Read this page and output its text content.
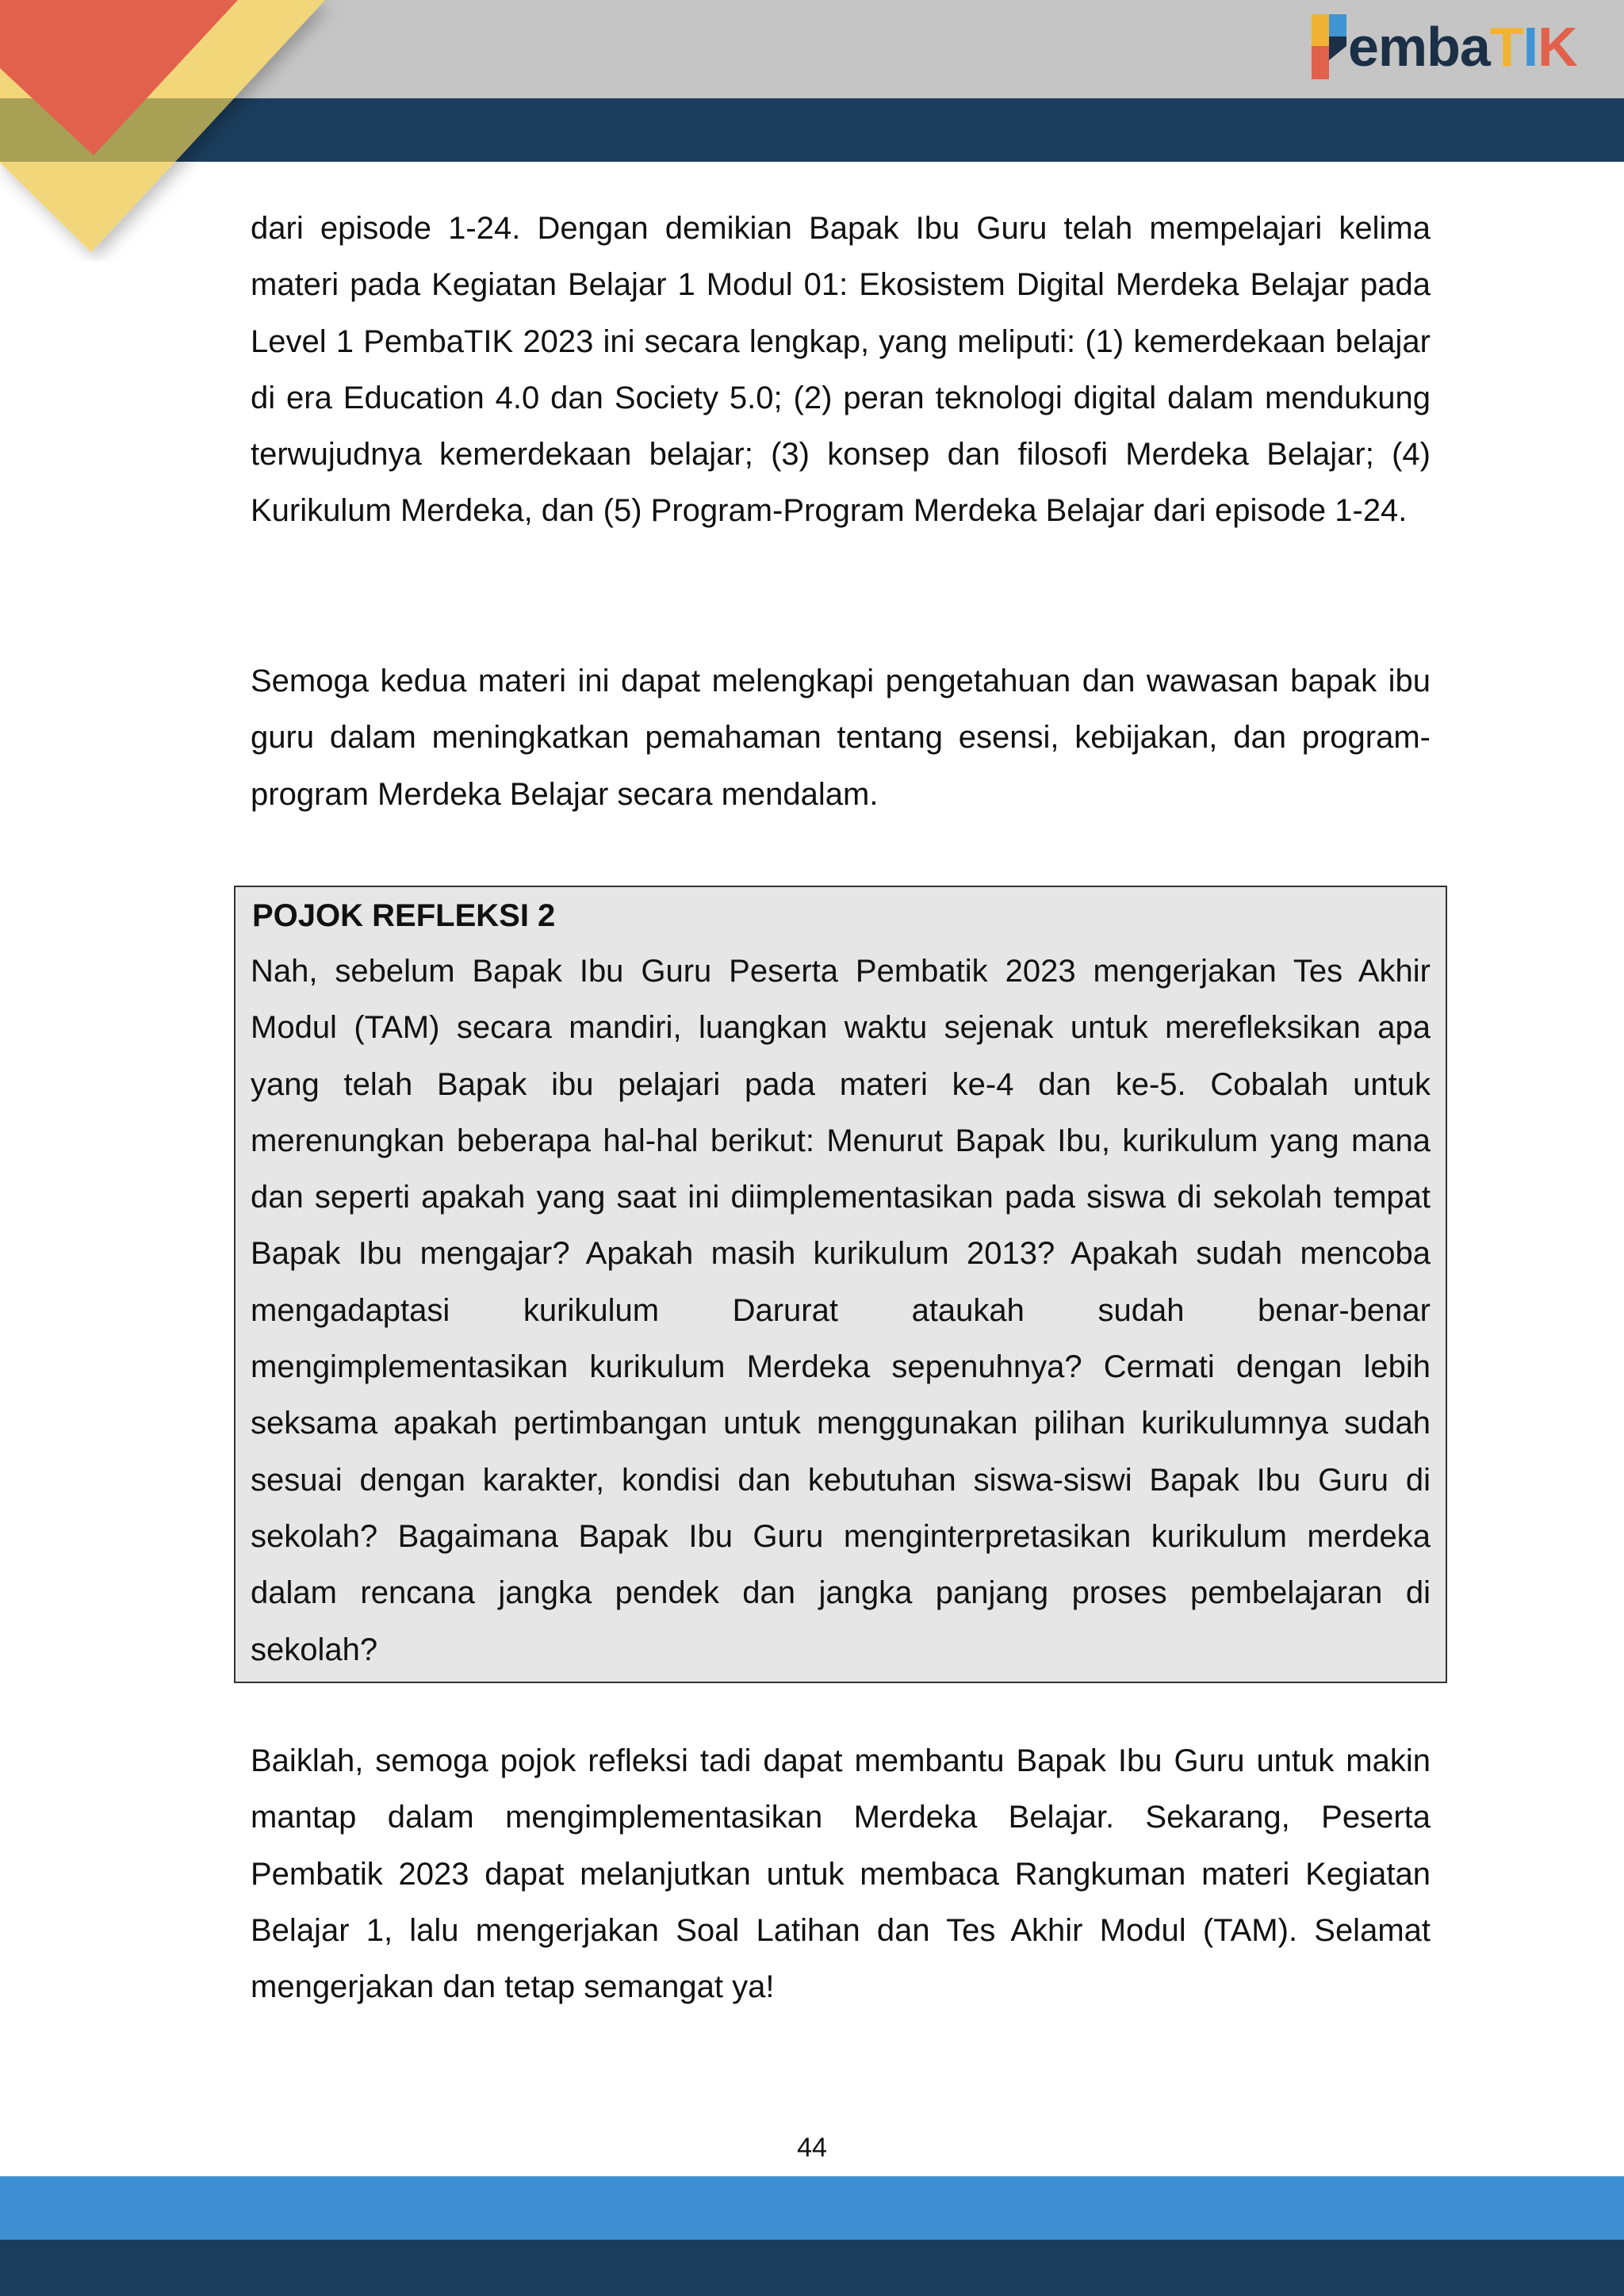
embaTIK

dari episode 1-24. Dengan demikian Bapak Ibu Guru telah mempelajari kelima materi pada Kegiatan Belajar 1 Modul 01: Ekosistem Digital Merdeka Belajar pada Level 1 PembaTIK 2023 ini secara lengkap, yang meliputi: (1) kemerdekaan belajar di era Education 4.0 dan Society 5.0; (2) peran teknologi digital dalam mendukung terwujudnya kemerdekaan belajar; (3) konsep dan filosofi Merdeka Belajar; (4) Kurikulum Merdeka, dan (5) Program-Program Merdeka Belajar dari episode 1-24.

Semoga kedua materi ini dapat melengkapi pengetahuan dan wawasan bapak ibu guru dalam meningkatkan pemahaman tentang esensi, kebijakan, dan program-program Merdeka Belajar secara mendalam.

POJOK REFLEKSI 2

Nah, sebelum Bapak Ibu Guru Peserta Pembatik 2023 mengerjakan Tes Akhir Modul (TAM) secara mandiri, luangkan waktu sejenak untuk merefleksikan apa yang telah Bapak ibu pelajari pada materi ke-4 dan ke-5. Cobalah untuk merenungkan beberapa hal-hal berikut: Menurut Bapak Ibu, kurikulum yang mana dan seperti apakah yang saat ini diimplementasikan pada siswa di sekolah tempat Bapak Ibu mengajar? Apakah masih kurikulum 2013? Apakah sudah mencoba mengadaptasi kurikulum Darurat ataukah sudah benar-benar mengimplementasikan kurikulum Merdeka sepenuhnya? Cermati dengan lebih seksama apakah pertimbangan untuk menggunakan pilihan kurikulumnya sudah sesuai dengan karakter, kondisi dan kebutuhan siswa-siswi Bapak Ibu Guru di sekolah? Bagaimana Bapak Ibu Guru menginterpretasikan kurikulum merdeka dalam rencana jangka pendek dan jangka panjang proses pembelajaran di sekolah?

Baiklah, semoga pojok refleksi tadi dapat membantu Bapak Ibu Guru untuk makin mantap dalam mengimplementasikan Merdeka Belajar. Sekarang, Peserta Pembatik 2023 dapat melanjutkan untuk membaca Rangkuman materi Kegiatan Belajar 1, lalu mengerjakan Soal Latihan dan Tes Akhir Modul (TAM). Selamat mengerjakan dan tetap semangat ya!

44
